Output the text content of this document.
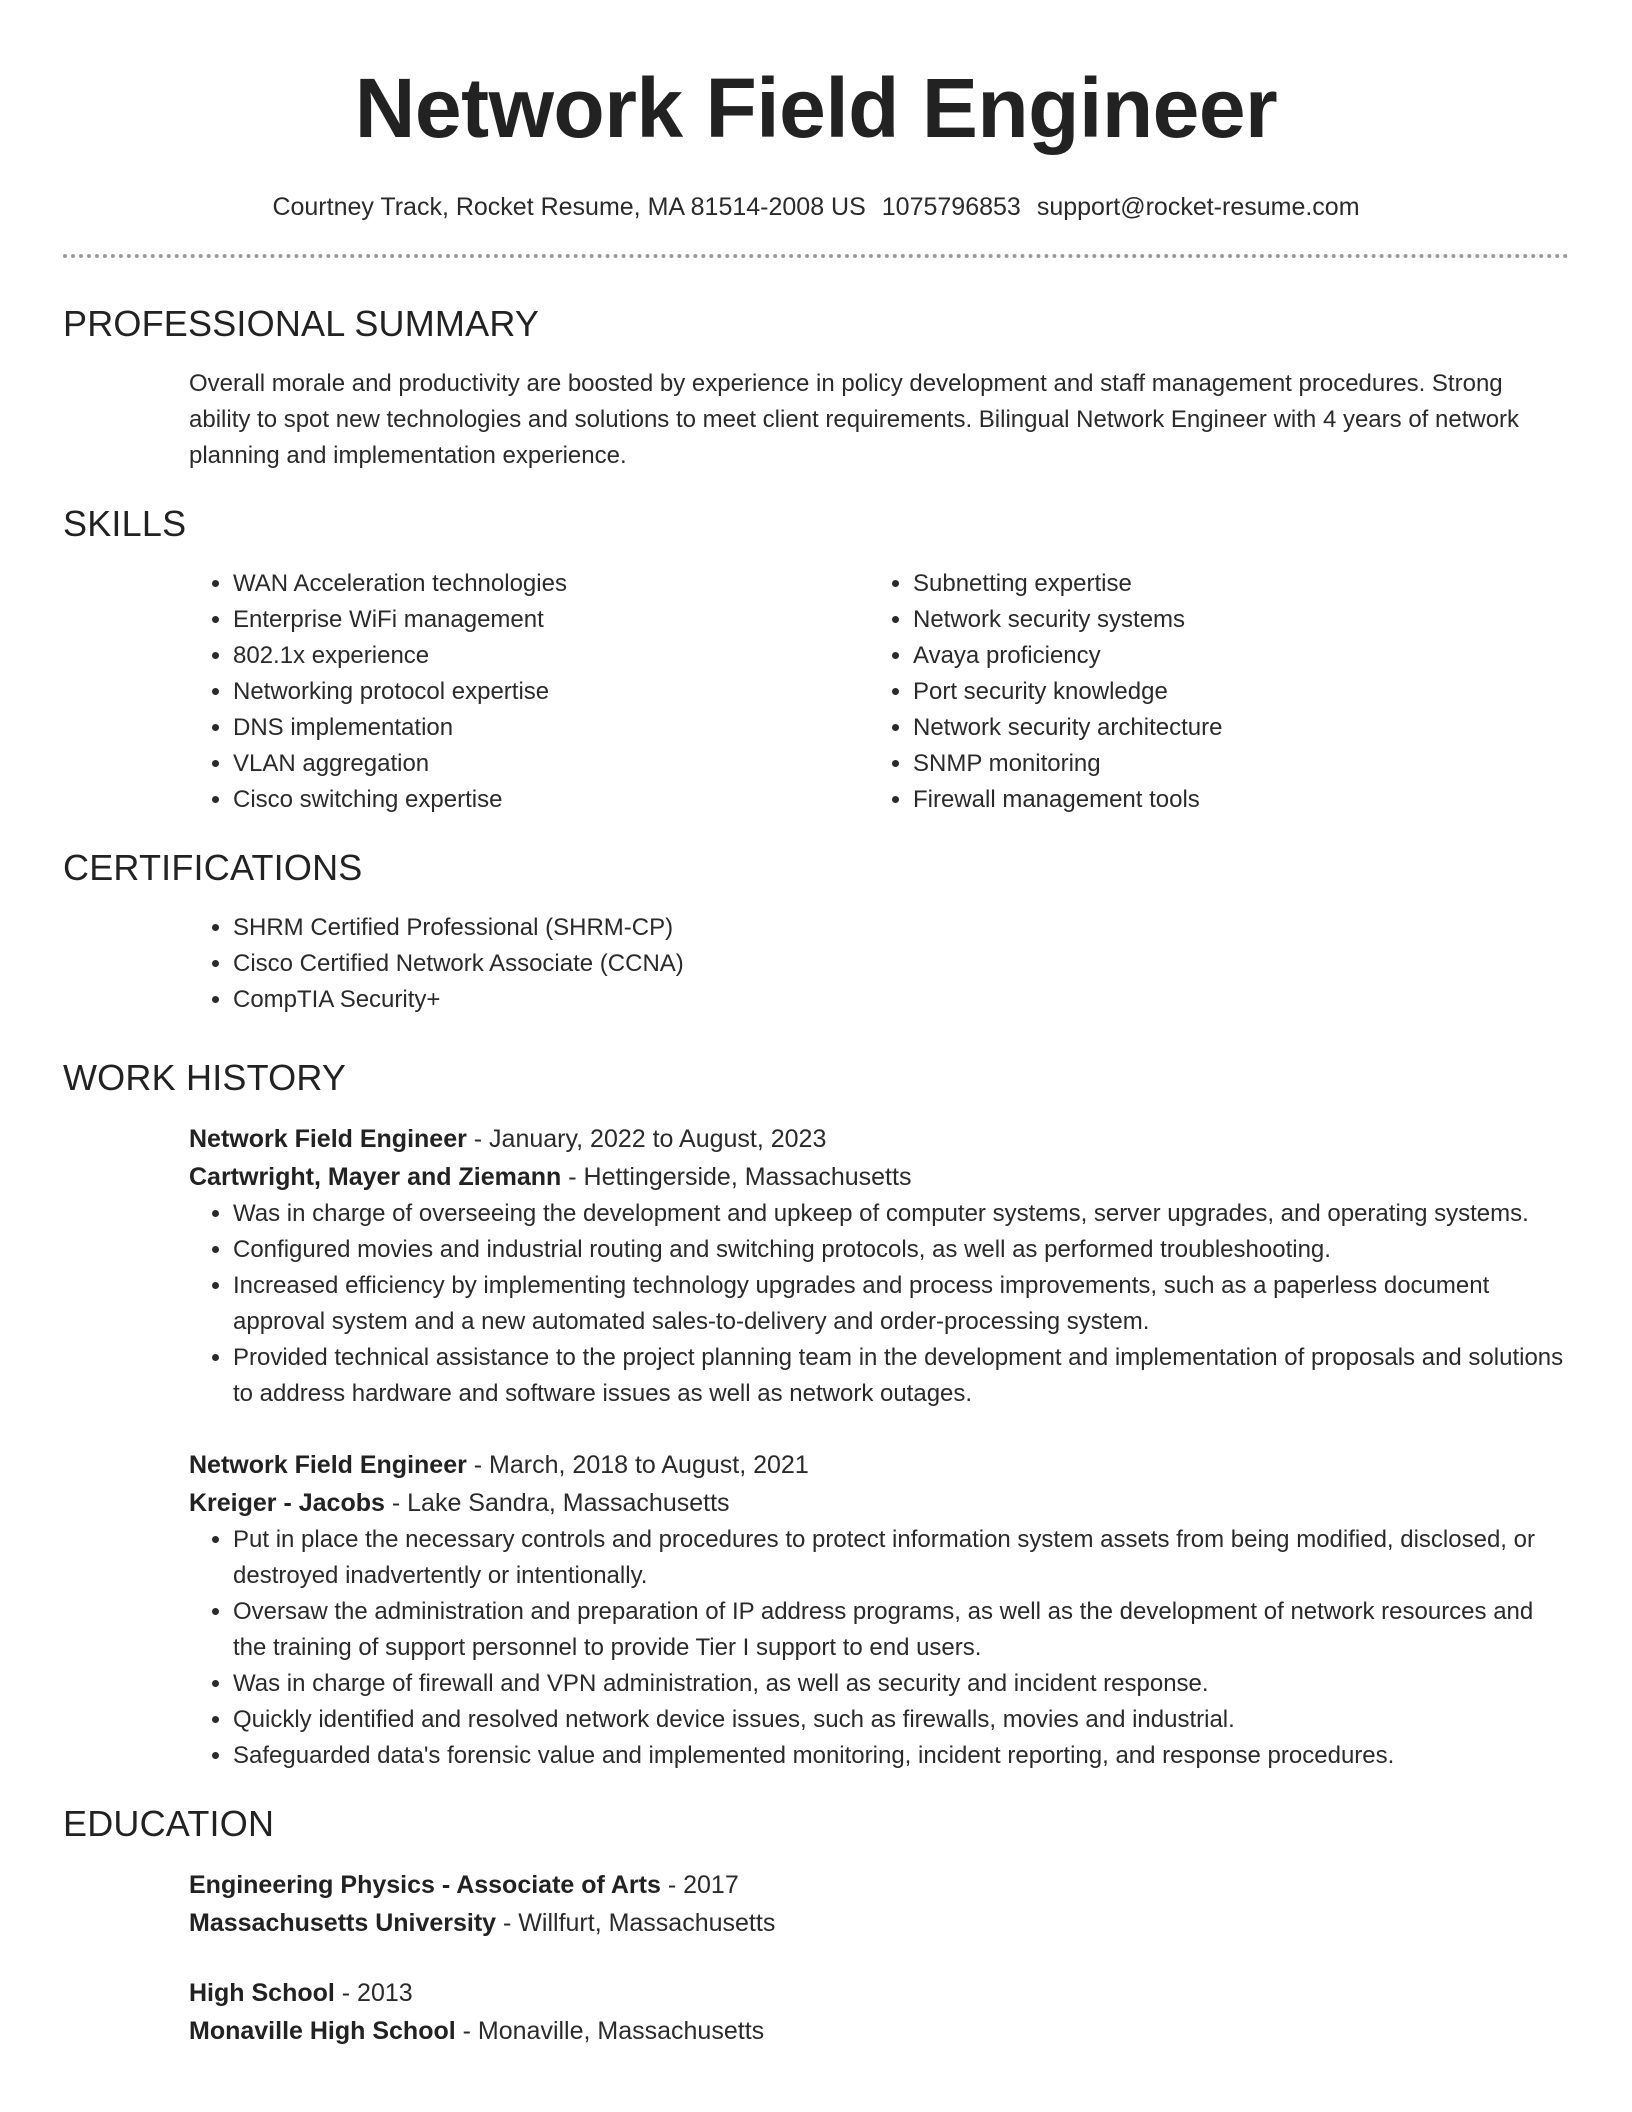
Network Field Engineer
Courtney Track, Rocket Resume, MA 81514-2008 US 1075796853 support@rocket-resume.com
PROFESSIONAL SUMMARY
Overall morale and productivity are boosted by experience in policy development and staff management procedures. Strong ability to spot new technologies and solutions to meet client requirements. Bilingual Network Engineer with 4 years of network planning and implementation experience.
SKILLS
• WAN Acceleration technologies
• Enterprise WiFi management
• 802.1x experience
• Networking protocol expertise
• DNS implementation
• VLAN aggregation
• Cisco switching expertise
• Subnetting expertise
• Network security systems
• Avaya proficiency
• Port security knowledge
• Network security architecture
• SNMP monitoring
• Firewall management tools
CERTIFICATIONS
• SHRM Certified Professional (SHRM-CP)
• Cisco Certified Network Associate (CCNA)
• CompTIA Security+
WORK HISTORY
Network Field Engineer - January, 2022 to August, 2023
Cartwright, Mayer and Ziemann - Hettingerside, Massachusetts
• Was in charge of overseeing the development and upkeep of computer systems, server upgrades, and operating systems.
• Configured movies and industrial routing and switching protocols, as well as performed troubleshooting.
• Increased efficiency by implementing technology upgrades and process improvements, such as a paperless document approval system and a new automated sales-to-delivery and order-processing system.
• Provided technical assistance to the project planning team in the development and implementation of proposals and solutions to address hardware and software issues as well as network outages.
Network Field Engineer - March, 2018 to August, 2021
Kreiger - Jacobs - Lake Sandra, Massachusetts
• Put in place the necessary controls and procedures to protect information system assets from being modified, disclosed, or destroyed inadvertently or intentionally.
• Oversaw the administration and preparation of IP address programs, as well as the development of network resources and the training of support personnel to provide Tier I support to end users.
• Was in charge of firewall and VPN administration, as well as security and incident response.
• Quickly identified and resolved network device issues, such as firewalls, movies and industrial.
• Safeguarded data's forensic value and implemented monitoring, incident reporting, and response procedures.
EDUCATION
Engineering Physics - Associate of Arts - 2017
Massachusetts University - Willfurt, Massachusetts
High School - 2013
Monaville High School - Monaville, Massachusetts
